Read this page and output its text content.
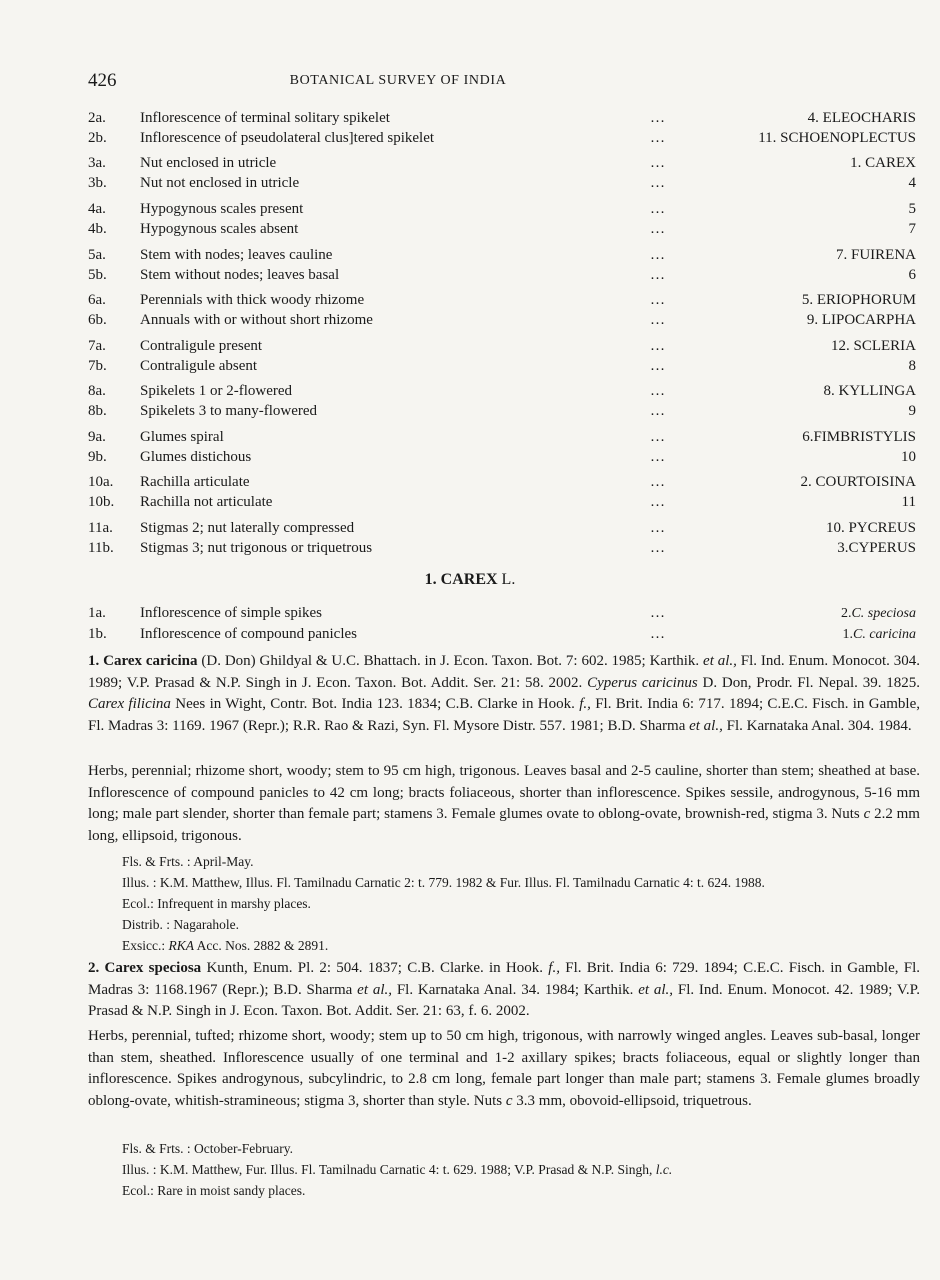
426	BOTANICAL SURVEY OF INDIA
2a. Inflorescence of terminal solitary spikelet	…	4. ELEOCHARIS
2b. Inflorescence of pseudolateral clus]tered spikelet	…	11. SCHOENOPLECTUS
3a. Nut enclosed in utricle	…	1. CAREX
3b. Nut not enclosed in utricle	…	4
4a. Hypogynous scales present	…	5
4b. Hypogynous scales absent	…	7
5a. Stem with nodes; leaves cauline	…	7. FUIRENA
5b. Stem without nodes; leaves basal	…	6
6a. Perennials with thick woody rhizome	…	5. ERIOPHORUM
6b. Annuals with or without short rhizome	…	9. LIPOCARPHA
7a. Contraligule present	…	12. SCLERIA
7b. Contraligule absent	…	8
8a. Spikelets 1 or 2-flowered	…	8. KYLLINGA
8b. Spikelets 3 to many-flowered	…	9
9a. Glumes spiral	…	6.FIMBRISTYLIS
9b. Glumes distichous	…	10
10a. Rachilla articulate	…	2. COURTOISINA
10b. Rachilla not articulate	…	11
11a. Stigmas 2; nut laterally compressed	…	10. PYCREUS
11b. Stigmas 3; nut trigonous or triquetrous	…	3.CYPERUS
1. CAREX L.
1a. Inflorescence of simple spikes	…	2.C. speciosa
1b. Inflorescence of compound panicles	…	1.C. caricina
1. Carex caricina (D. Don) Ghildyal & U.C. Bhattach. in J. Econ. Taxon. Bot. 7: 602. 1985; Karthik. et al., Fl. Ind. Enum. Monocot. 304. 1989; V.P. Prasad & N.P. Singh in J. Econ. Taxon. Bot. Addit. Ser. 21: 58. 2002. Cyperus caricinus D. Don, Prodr. Fl. Nepal. 39. 1825. Carex filicina Nees in Wight, Contr. Bot. India 123. 1834; C.B. Clarke in Hook. f., Fl. Brit. India 6: 717. 1894; C.E.C. Fisch. in Gamble, Fl. Madras 3: 1169. 1967 (Repr.); R.R. Rao & Razi, Syn. Fl. Mysore Distr. 557. 1981; B.D. Sharma et al., Fl. Karnataka Anal. 304. 1984.
Herbs, perennial; rhizome short, woody; stem to 95 cm high, trigonous. Leaves basal and 2-5 cauline, shorter than stem; sheathed at base. Inflorescence of compound panicles to 42 cm long; bracts foliaceous, shorter than inflorescence. Spikes sessile, androgynous, 5-16 mm long; male part slender, shorter than female part; stamens 3. Female glumes ovate to oblong-ovate, brownish-red, stigma 3. Nuts c 2.2 mm long, ellipsoid, trigonous.
Fls. & Frts. : April-May.
Illus. : K.M. Matthew, Illus. Fl. Tamilnadu Carnatic 2: t. 779. 1982 & Fur. Illus. Fl. Tamilnadu Carnatic 4: t. 624. 1988.
Ecol.: Infrequent in marshy places.
Distrib. : Nagarahole.
Exsicc.: RKA Acc. Nos. 2882 & 2891.
2. Carex speciosa Kunth, Enum. Pl. 2: 504. 1837; C.B. Clarke. in Hook. f., Fl. Brit. India 6: 729. 1894; C.E.C. Fisch. in Gamble, Fl. Madras 3: 1168.1967 (Repr.); B.D. Sharma et al., Fl. Karnataka Anal. 34. 1984; Karthik. et al., Fl. Ind. Enum. Monocot. 42. 1989; V.P. Prasad & N.P. Singh in J. Econ. Taxon. Bot. Addit. Ser. 21: 63, f. 6. 2002.
Herbs, perennial, tufted; rhizome short, woody; stem up to 50 cm high, trigonous, with narrowly winged angles. Leaves sub-basal, longer than stem, sheathed. Inflorescence usually of one terminal and 1-2 axillary spikes; bracts foliaceous, equal or slightly longer than inflorescence. Spikes androgynous, subcylindric, to 2.8 cm long, female part longer than male part; stamens 3. Female glumes broadly oblong-ovate, whitish-stramineous; stigma 3, shorter than style. Nuts c 3.3 mm, obovoid-ellipsoid, triquetrous.
Fls. & Frts. : October-February.
Illus. : K.M. Matthew, Fur. Illus. Fl. Tamilnadu Carnatic 4: t. 629. 1988; V.P. Prasad & N.P. Singh, l.c.
Ecol.: Rare in moist sandy places.
